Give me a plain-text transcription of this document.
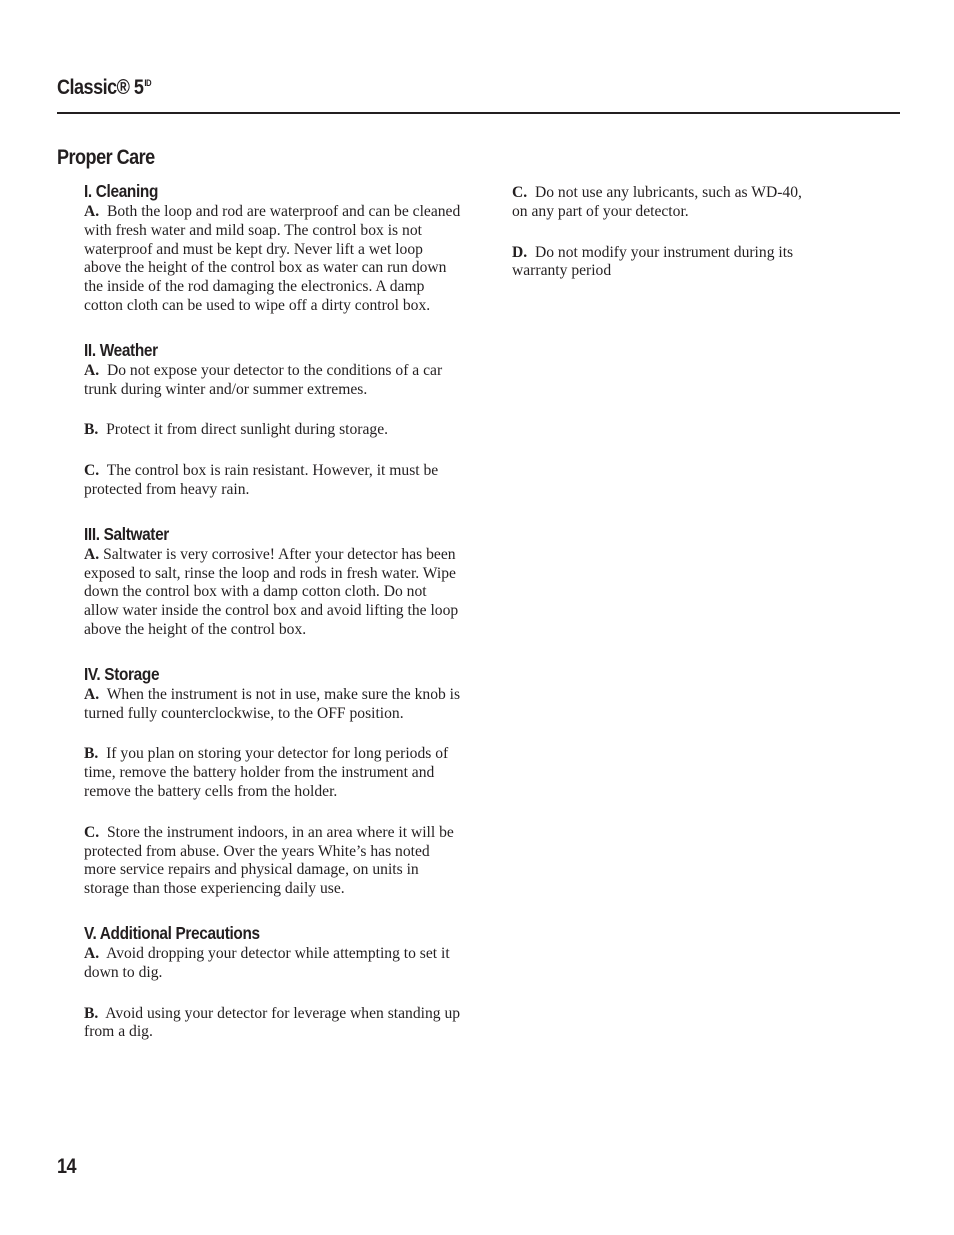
Classic® $5^{ID}$
Proper Care
I. Cleaning

A. Both the loop and rod are waterproof and can be cleaned with fresh water and mild soap. The control box is not waterproof and must be kept dry. Never lift a wet loop above the height of the control box as water can run down the inside of the rod damaging the electronics. A damp cotton cloth can be used to wipe off a dirty control box.

II. Weather

A. Do not expose your detector to the conditions of a car trunk during winter and/or summer extremes.

B. Protect it from direct sunlight during storage.

C. The control box is rain resistant. However, it must be protected from heavy rain.

III. Saltwater

A. Saltwater is very corrosive! After your detector has been exposed to salt, rinse the loop and rods in fresh water. Wipe down the control box with a damp cotton cloth. Do not allow water inside the control box and avoid lifting the loop above the height of the control box.

IV. Storage

A. When the instrument is not in use, make sure the knob is turned fully counterclockwise, to the OFF position.

B. If you plan on storing your detector for long periods of time, remove the battery holder from the instrument and remove the battery cells from the holder.

C. Store the instrument indoors, in an area where it will be protected from abuse. Over the years White’s has noted more service repairs and physical damage, on units in storage than those experiencing daily use.

V. Additional Precautions

A. Avoid dropping your detector while attempting to set it down to dig.

B. Avoid using your detector for leverage when standing up from a dig.

C. Do not use any lubricants, such as WD-40, on any part of your detector.

D. Do not modify your instrument during its warranty period

14
